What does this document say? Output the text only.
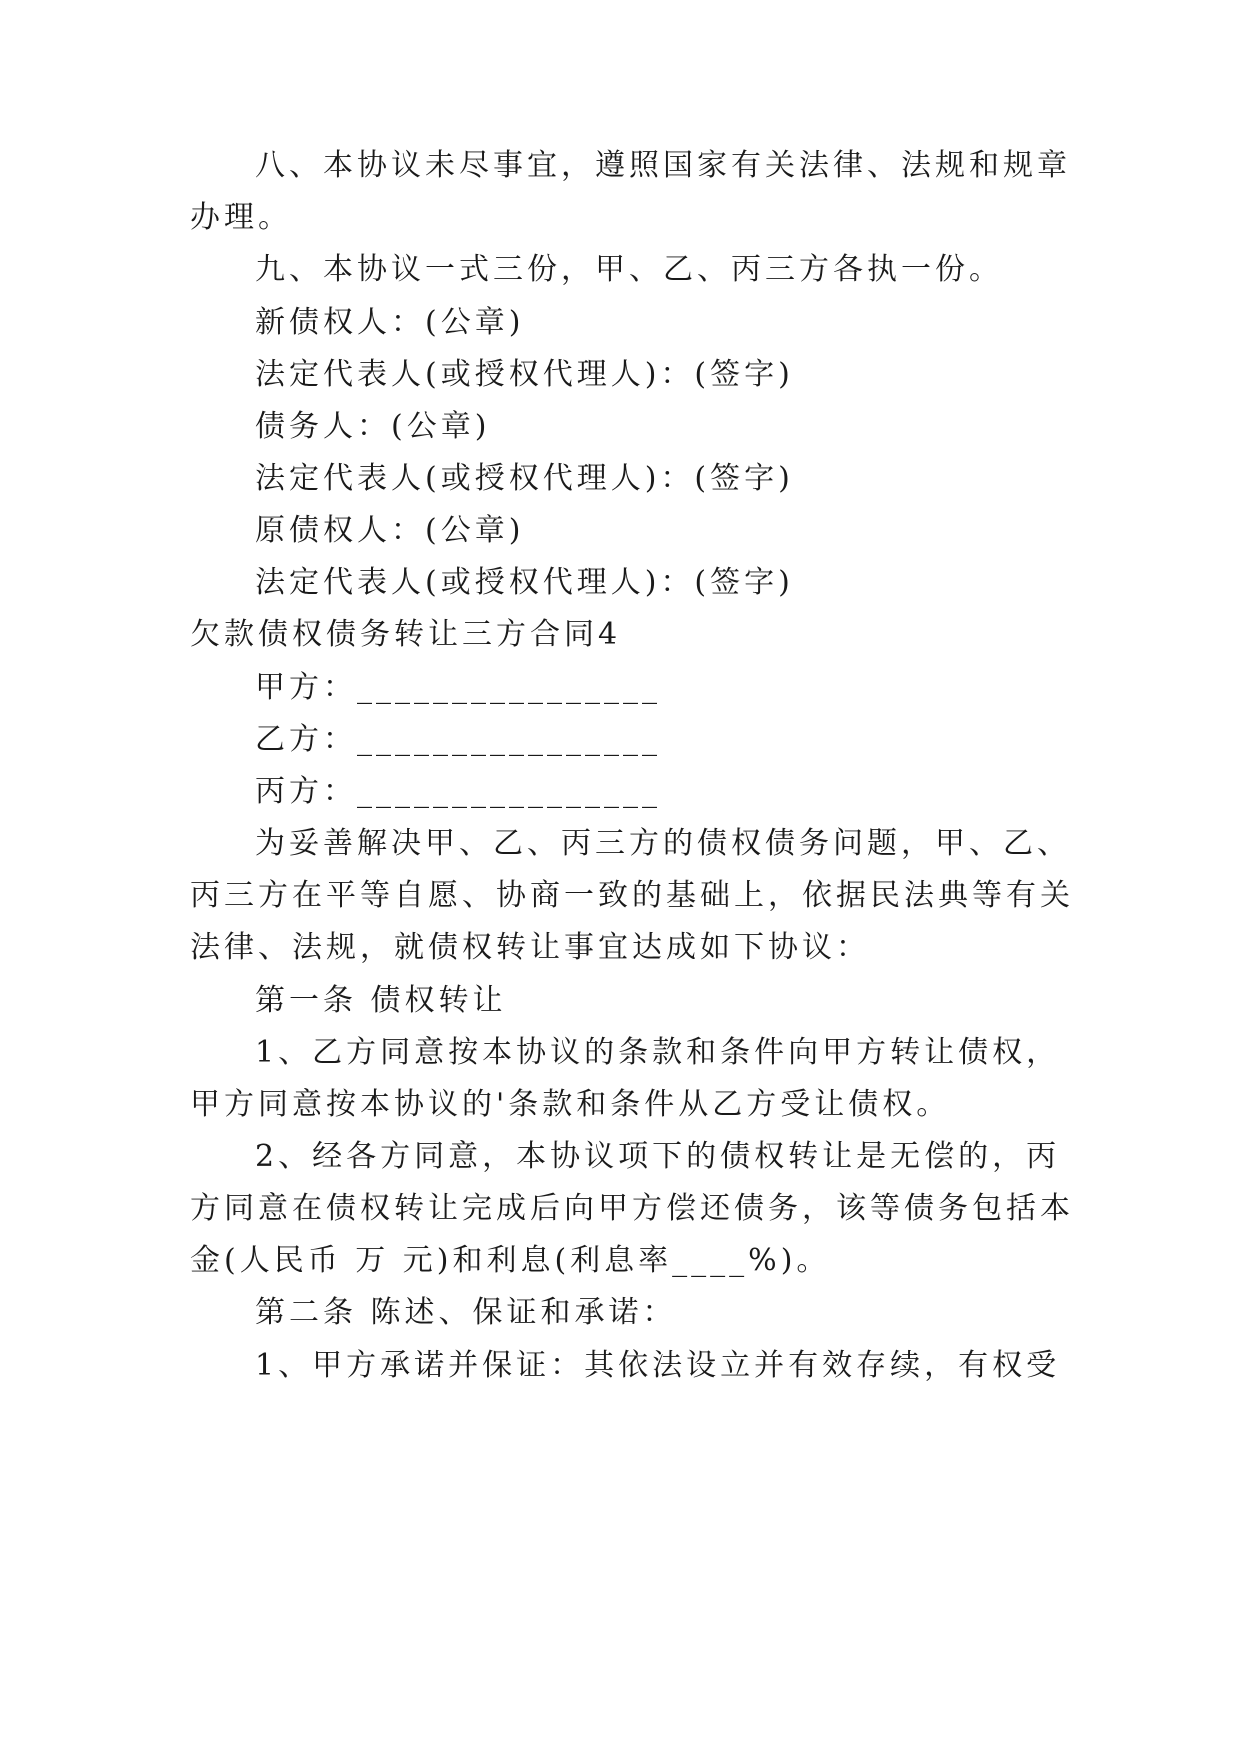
八、本协议未尽事宜，遵照国家有关法律、法规和规章
办理。
九、本协议一式三份，甲、乙、丙三方各执一份。
新债权人：(公章)
法定代表人(或授权代理人)：(签字)
债务人：(公章)
法定代表人(或授权代理人)：(签字)
原债权人：(公章)
法定代表人(或授权代理人)：(签字)
欠款债权债务转让三方合同4
甲方：________________
乙方：________________
丙方：________________
为妥善解决甲、乙、丙三方的债权债务问题，甲、乙、
丙三方在平等自愿、协商一致的基础上，依据民法典等有关
法律、法规，就债权转让事宜达成如下协议：
第一条 债权转让
1、乙方同意按本协议的条款和条件向甲方转让债权，
甲方同意按本协议的'条款和条件从乙方受让债权。
2、经各方同意，本协议项下的债权转让是无偿的，丙
方同意在债权转让完成后向甲方偿还债务，该等债务包括本
金(人民币 万 元)和利息(利息率____%)。
第二条 陈述、保证和承诺：
1、甲方承诺并保证：其依法设立并有效存续，有权受
